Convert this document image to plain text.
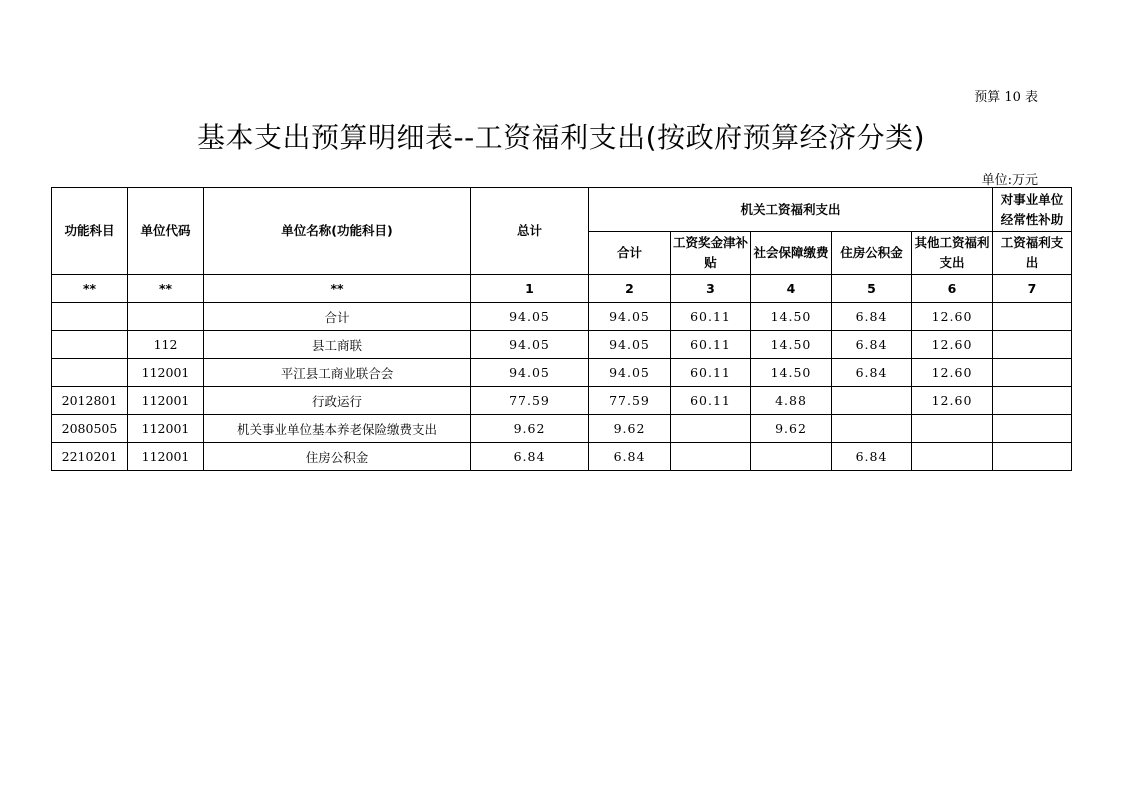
预算 10 表
基本支出预算明细表--工资福利支出(按政府预算经济分类)
单位:万元
功能科目	单位代码	单位名称(功能科目)	总计	机关工资福利支出					对事业单位经常性补助
				合计	工资奖金津补贴	社会保障缴费	住房公积金	其他工资福利支出	工资福利支出
**	**	**	1	2	3	4	5	6	7
		合计	94.05	94.05	60.11	14.50	6.84	12.60	
	112	县工商联	94.05	94.05	60.11	14.50	6.84	12.60	
	112001	平江县工商业联合会	94.05	94.05	60.11	14.50	6.84	12.60	
2012801	112001	行政运行	77.59	77.59	60.11	4.88		12.60	
2080505	112001	机关事业单位基本养老保险缴费支出	9.62	9.62		9.62			
2210201	112001	住房公积金	6.84	6.84			6.84		
